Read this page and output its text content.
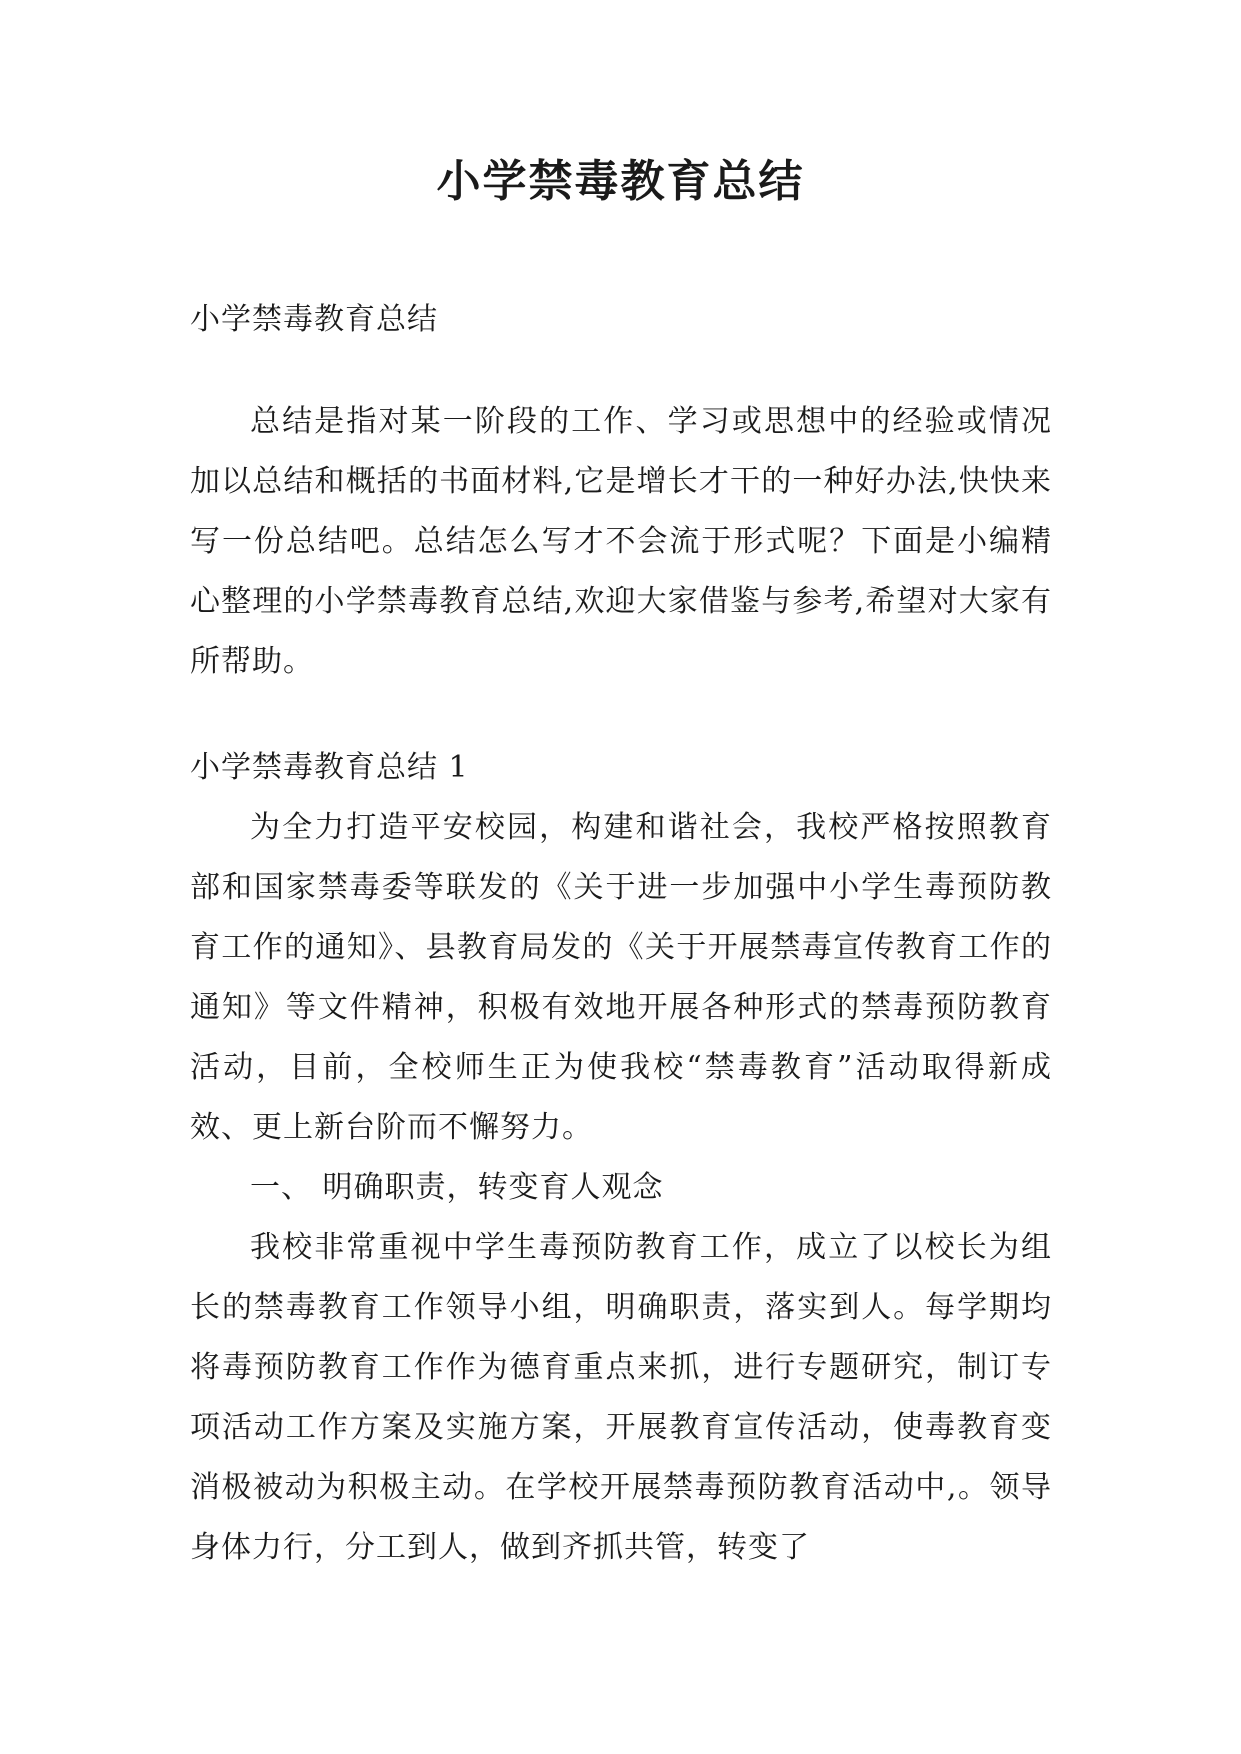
小学禁毒教育总结

小学禁毒教育总结

总结是指对某一阶段的工作、学习或思想中的经验或情况加以总结和概括的书面材料,它是增长才干的一种好办法,快快来写一份总结吧。总结怎么写才不会流于形式呢？下面是小编精心整理的小学禁毒教育总结,欢迎大家借鉴与参考,希望对大家有所帮助。

小学禁毒教育总结 1

为全力打造平安校园，构建和谐社会，我校严格按照教育部和国家禁毒委等联发的《关于进一步加强中小学生毒预防教育工作的通知》、县教育局发的《关于开展禁毒宣传教育工作的通知》等文件精神，积极有效地开展各种形式的禁毒预防教育活动，目前，全校师生正为使我校“禁毒教育”活动取得新成效、更上新台阶而不懈努力。

一、 明确职责，转变育人观念

我校非常重视中学生毒预防教育工作，成立了以校长为组长的禁毒教育工作领导小组，明确职责，落实到人。每学期均将毒预防教育工作作为德育重点来抓，进行专题研究，制订专项活动工作方案及实施方案，开展教育宣传活动，使毒教育变消极被动为积极主动。在学校开展禁毒预防教育活动中,。领导身体力行，分工到人，做到齐抓共管，转变了
